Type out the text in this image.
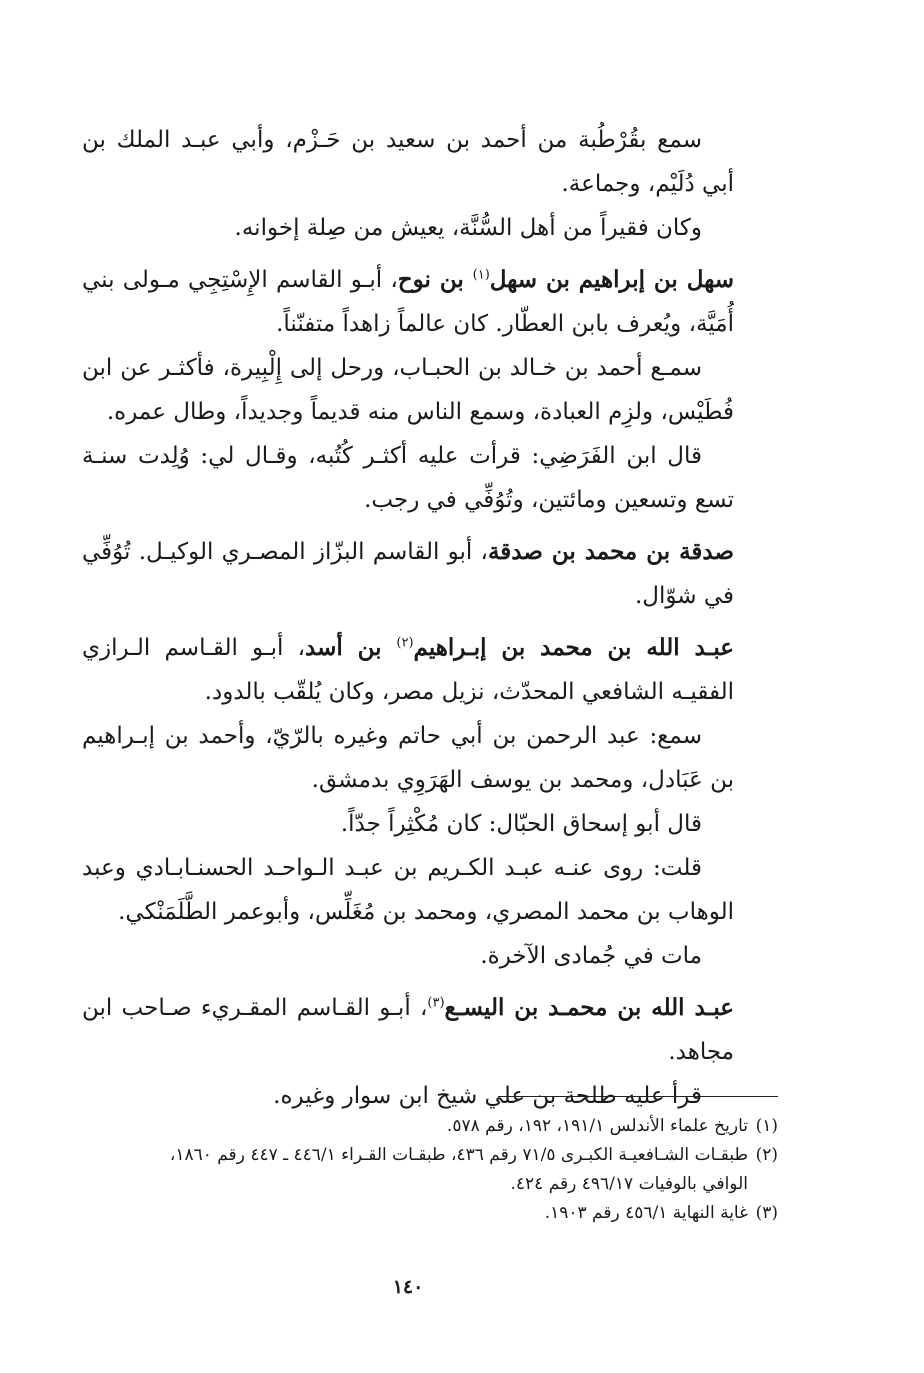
سمع بقُرْطُبة من أحمد بن سعيد بن حَـزْم، وأبي عبـد الملك بن أبي دُلَيْم، وجماعة.

وكان فقيراً من أهل السُّنَّة، يعيش من صِلة إخوانه.

سهل بن إبراهيم بن سهل$^{(١)}$ بن نوح، أبـو القاسم الإِسْتِجِي مـولى بني أُمَيَّة، ويُعرف بابن العطّار. كان عالماً زاهداً متفنّناً.

سمـع أحمد بن خـالد بن الحبـاب، ورحل إلى إِلْبِيرة، فأكثـر عن ابن فُطَيْس، ولزِم العبادة، وسمع الناس منه قديماً وجديداً، وطال عمره.

قال ابن الفَرَضِي: قرأت عليه أكثـر كُتُبه، وقـال لي: وُلِدت سنـة تسع وتسعين ومائتين، وتُوُفِّي في رجب.

صدقة بن محمد بن صدقة، أبو القاسم البزّاز المصـري الوكيـل. تُوُفِّي في شوّال.

عبـد الله بن محمد بن إبـراهيم$^{(٢)}$ بن أسد، أبـو القـاسم الـرازي الفقيـه الشافعي المحدّث، نزيل مصر، وكان يُلقّب بالدود.

سمع: عبد الرحمن بن أبي حاتم وغيره بالرّيّ، وأحمد بن إبـراهيم بن عَبَادل، ومحمد بن يوسف الهَرَوِي بدمشق.

قال أبو إسحاق الحبّال: كان مُكْثِراً جدّاً.

قلت: روى عنـه عبـد الكـريم بن عبـد الـواحـد الحسنـابـادي وعبد الوهاب بن محمد المصري، ومحمد بن مُغَلِّس، وأبوعمر الطَّلَمَنْكي.

مات في جُمادى الآخرة.

عبـد الله بن محمـد بن اليسـع$^{(٣)}$، أبـو القـاسم المقـريء صـاحب ابن مجاهد.

قرأ عليه طلحة بن علي شيخ ابن سوار وغيره.

(١)تاريخ علماء الأندلس ١٩١/١، ١٩٢، رقم ٥٧٨.

(٢)طبقـات الشـافعيـة الكبـرى ٧١/٥ رقم ٤٣٦، طبقـات القـراء ٤٤٦/١ ـ ٤٤٧ رقم ١٨٦٠،
الوافي بالوفيات ٤٩٦/١٧ رقم ٤٢٤.

(٣)غاية النهاية ٤٥٦/١ رقم ١٩٠٣.

١٤٠
